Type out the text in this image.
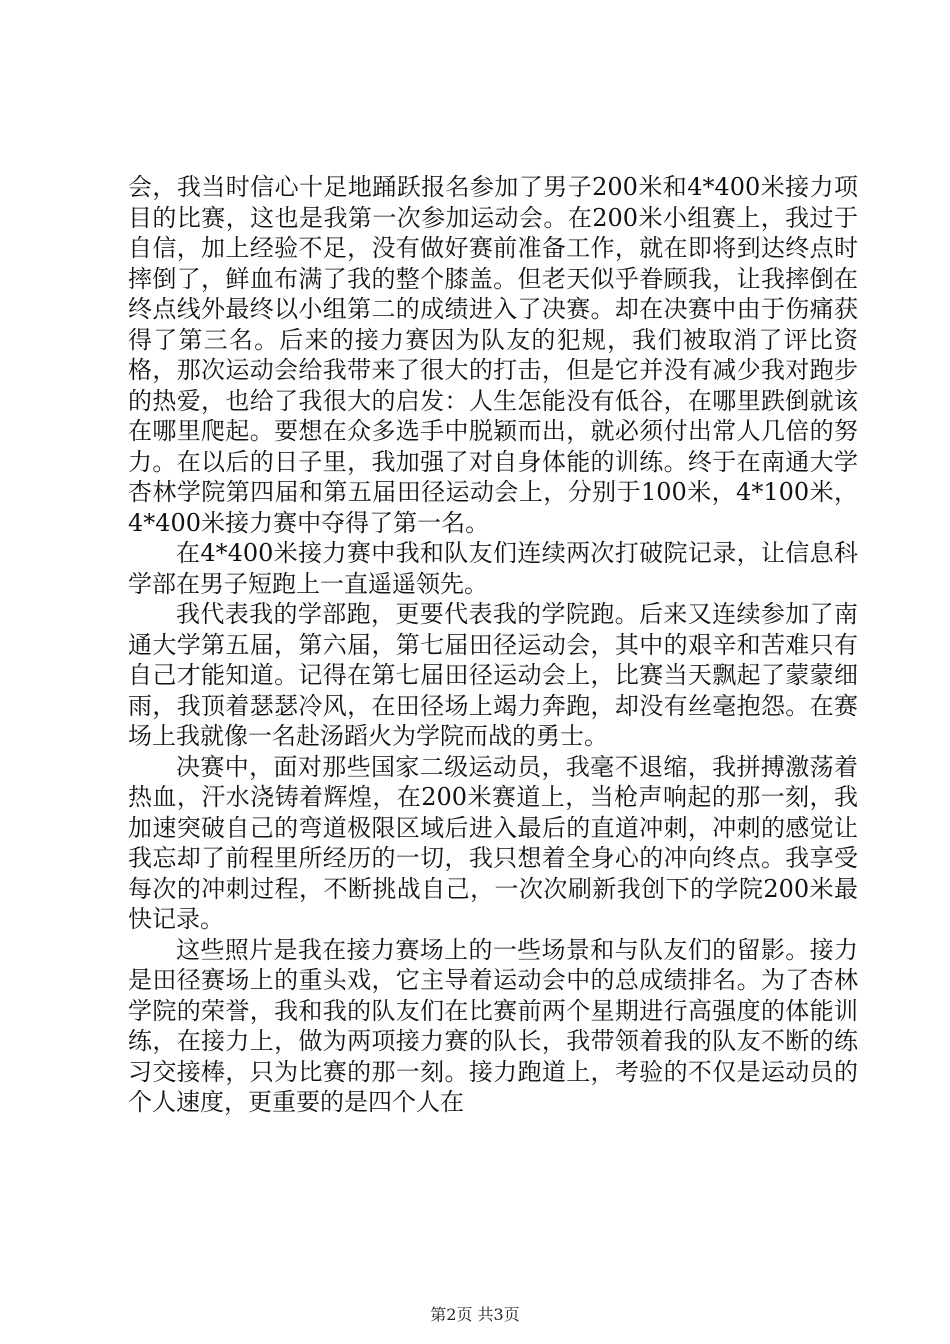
会，我当时信心十足地踊跃报名参加了男子200米和4*400米接力项目的比赛，这也是我第一次参加运动会。在200米小组赛上，我过于自信，加上经验不足，没有做好赛前准备工作，就在即将到达终点时摔倒了，鲜血布满了我的整个膝盖。但老天似乎眷顾我，让我摔倒在终点线外最终以小组第二的成绩进入了决赛。却在决赛中由于伤痛获得了第三名。后来的接力赛因为队友的犯规，我们被取消了评比资格，那次运动会给我带来了很大的打击，但是它并没有减少我对跑步的热爱，也给了我很大的启发：人生怎能没有低谷，在哪里跌倒就该在哪里爬起。要想在众多选手中脱颖而出，就必须付出常人几倍的努力。在以后的日子里，我加强了对自身体能的训练。终于在南通大学杏林学院第四届和第五届田径运动会上，分别于100米，4*100米，4*400米接力赛中夺得了第一名。

在4*400米接力赛中我和队友们连续两次打破院记录，让信息科学部在男子短跑上一直遥遥领先。

我代表我的学部跑，更要代表我的学院跑。后来又连续参加了南通大学第五届，第六届，第七届田径运动会，其中的艰辛和苦难只有自己才能知道。记得在第七届田径运动会上，比赛当天飘起了蒙蒙细雨，我顶着瑟瑟冷风，在田径场上竭力奔跑，却没有丝毫抱怨。在赛场上我就像一名赴汤蹈火为学院而战的勇士。

决赛中，面对那些国家二级运动员，我毫不退缩，我拼搏激荡着热血，汗水浇铸着辉煌，在200米赛道上，当枪声响起的那一刻，我加速突破自己的弯道极限区域后进入最后的直道冲刺，冲刺的感觉让我忘却了前程里所经历的一切，我只想着全身心的冲向终点。我享受每次的冲刺过程，不断挑战自己，一次次刷新我创下的学院200米最快记录。

这些照片是我在接力赛场上的一些场景和与队友们的留影。接力是田径赛场上的重头戏，它主导着运动会中的总成绩排名。为了杏林学院的荣誉，我和我的队友们在比赛前两个星期进行高强度的体能训练，在接力上，做为两项接力赛的队长，我带领着我的队友不断的练习交接棒，只为比赛的那一刻。接力跑道上，考验的不仅是运动员的个人速度，更重要的是四个人在

第2页 共3页
